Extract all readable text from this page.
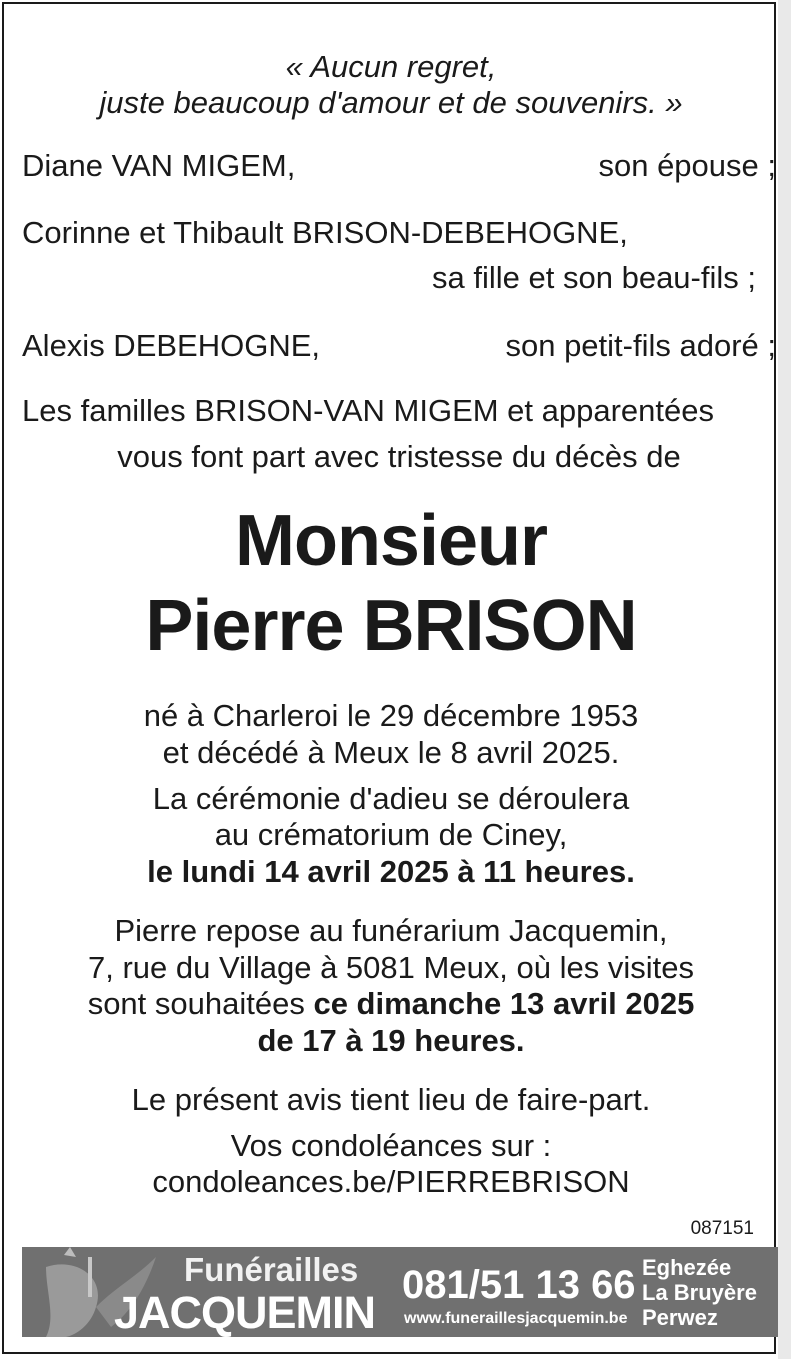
« Aucun regret,
juste beaucoup d'amour et de souvenirs. »
Diane VAN MIGEM,	son épouse ;
Corinne et Thibault BRISON-DEBEHOGNE,
sa fille et son beau-fils ;
Alexis DEBEHOGNE,	son petit-fils adoré ;
Les familles BRISON-VAN MIGEM et apparentées
vous font part avec tristesse du décès de
Monsieur
Pierre BRISON
né à Charleroi le 29 décembre 1953
et décédé à Meux le 8 avril 2025.
La cérémonie d'adieu se déroulera
au crématorium de Ciney,
le lundi 14 avril 2025 à 11 heures.
Pierre repose au funérarium Jacquemin,
7, rue du Village à 5081 Meux, où les visites
sont souhaitées ce dimanche 13 avril 2025
de 17 à 19 heures.
Le présent avis tient lieu de faire-part.
Vos condoléances sur :
condoleances.be/PIERREBRISON
087151
Funérailles
JACQUEMIN
081/51 13 66
www.funeraillesjacquemin.be
Eghezée
La Bruyère
Perwez
